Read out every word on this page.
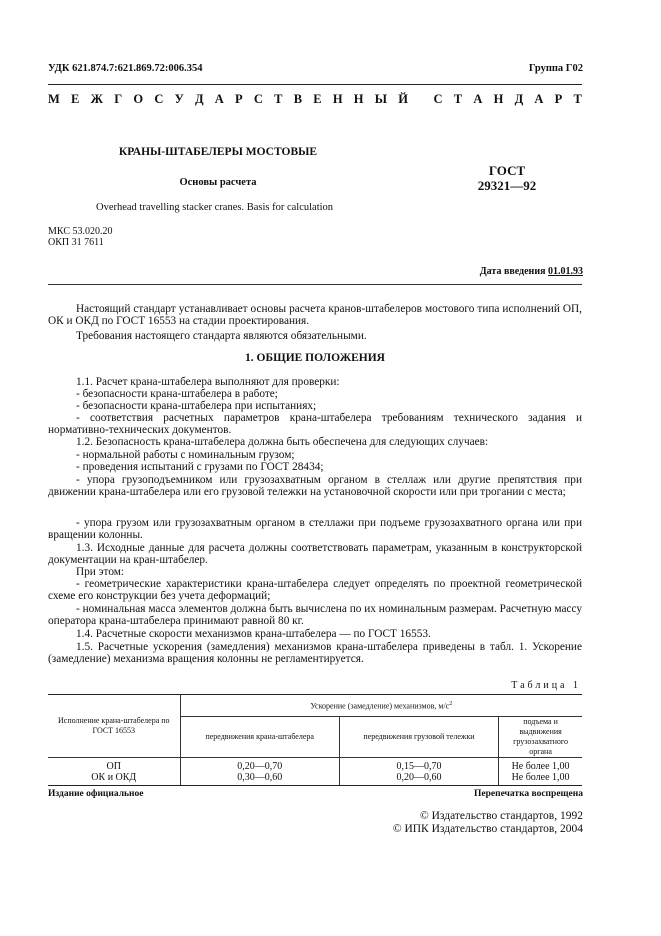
УДК 621.874.7:621.869.72:006.354	Группа Г02
М Е Ж Г О С У Д А Р С Т В Е Н Н Ы Й
С Т А Н Д А Р Т
КРАНЫ-ШТАБЕЛЕРЫ МОСТОВЫЕ
Основы расчета
ГОСТ
29321—92
Overhead travelling stacker cranes. Basis for calculation
МКС 53.020.20
ОКП 31 7611
Дата введения 01.01.93
Настоящий стандарт устанавливает основы расчета кранов-штабелеров мостового типа исполнений ОП, ОК и ОКД по ГОСТ 16553 на стадии проектирования.
Требования настоящего стандарта являются обязательными.
1. ОБЩИЕ ПОЛОЖЕНИЯ
1.1. Расчет крана-штабелера выполняют для проверки:
- безопасности крана-штабелера в работе;
- безопасности крана-штабелера при испытаниях;
- соответствия расчетных параметров крана-штабелера требованиям технического задания и нормативно-технических документов.
1.2. Безопасность крана-штабелера должна быть обеспечена для следующих случаев:
- нормальной работы с номинальным грузом;
- проведения испытаний с грузами по ГОСТ 28434;
- упора грузоподъемником или грузозахватным органом в стеллаж или другие препятствия при движении крана-штабелера или его грузовой тележки на установочной скорости или при трогании с места;
- упора грузом или грузозахватным органом в стеллажи при подъеме грузозахватного органа или при вращении колонны.
1.3. Исходные данные для расчета должны соответствовать параметрам, указанным в конструкторской документации на кран-штабелер.
При этом:
- геометрические характеристики крана-штабелера следует определять по проектной геометрической схеме его конструкции без учета деформаций;
- номинальная масса элементов должна быть вычислена по их номинальным размерам. Расчетную массу оператора крана-штабелера принимают равной 80 кг.
1.4. Расчетные скорости механизмов крана-штабелера — по ГОСТ 16553.
1.5. Расчетные ускорения (замедления) механизмов крана-штабелера приведены в табл. 1. Ускорение (замедление) механизма вращения колонны не регламентируется.
Таблица 1
Исполнение крана-штабелера по ГОСТ 16553	Ускорение (замедление) механизмов, $м/с^2$
	передвижения крана-штабелера	передвижения грузовой тележки	подъема и выдвижения грузозахватного органа
ОП	0,20—0,70	0,15—0,70	Не более 1,00
ОК и ОКД	0,30—0,60	0,20—0,60	Не более 1,00
Издание официальное	Перепечатка воспрещена
© Издательство стандартов, 1992
© ИПК Издательство стандартов, 2004
